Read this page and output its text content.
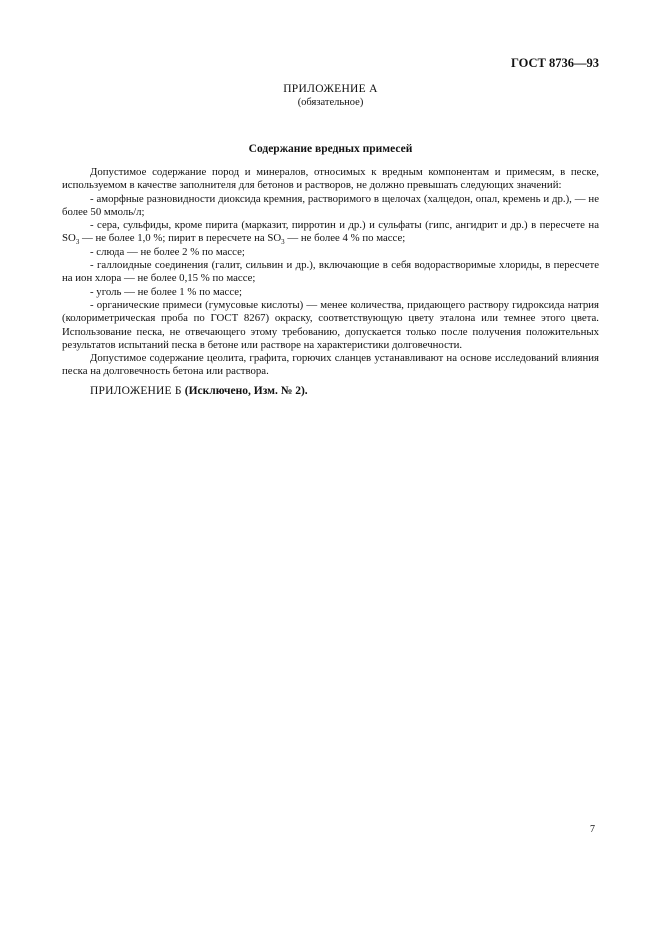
ГОСТ 8736—93
ПРИЛОЖЕНИЕ А
(обязательное)
Содержание вредных примесей

Допустимое содержание пород и минералов, относимых к вредным компонентам и примесям, в песке, используемом в качестве заполнителя для бетонов и растворов, не должно превышать следующих значений:

- аморфные разновидности диоксида кремния, растворимого в щелочах (халцедон, опал, кремень и др.), — не более 50 ммоль/л;

- сера, сульфиды, кроме пирита (марказит, пирротин и др.) и сульфаты (гипс, ангидрит и др.) в пересчете на $SO_3$ — не более 1,0 %; пирит в пересчете на $SO_3$ — не более 4 % по массе;

- слюда — не более 2 % по массе;

- галлоидные соединения (галит, сильвин и др.), включающие в себя водорастворимые хлориды, в пересчете на ион хлора — не более 0,15 % по массе;

- уголь — не более 1 % по массе;

- органические примеси (гумусовые кислоты) — менее количества, придающего раствору гидроксида натрия (колориметрическая проба по ГОСТ 8267) окраску, соответствующую цвету эталона или темнее этого цвета. Использование песка, не отвечающего этому требованию, допускается только после получения положительных результатов испытаний песка в бетоне или растворе на характеристики долговечности.

Допустимое содержание цеолита, графита, горючих сланцев устанавливают на основе исследований влияния песка на долговечность бетона или раствора.

ПРИЛОЖЕНИЕ Б (Исключено, Изм. № 2).
7
